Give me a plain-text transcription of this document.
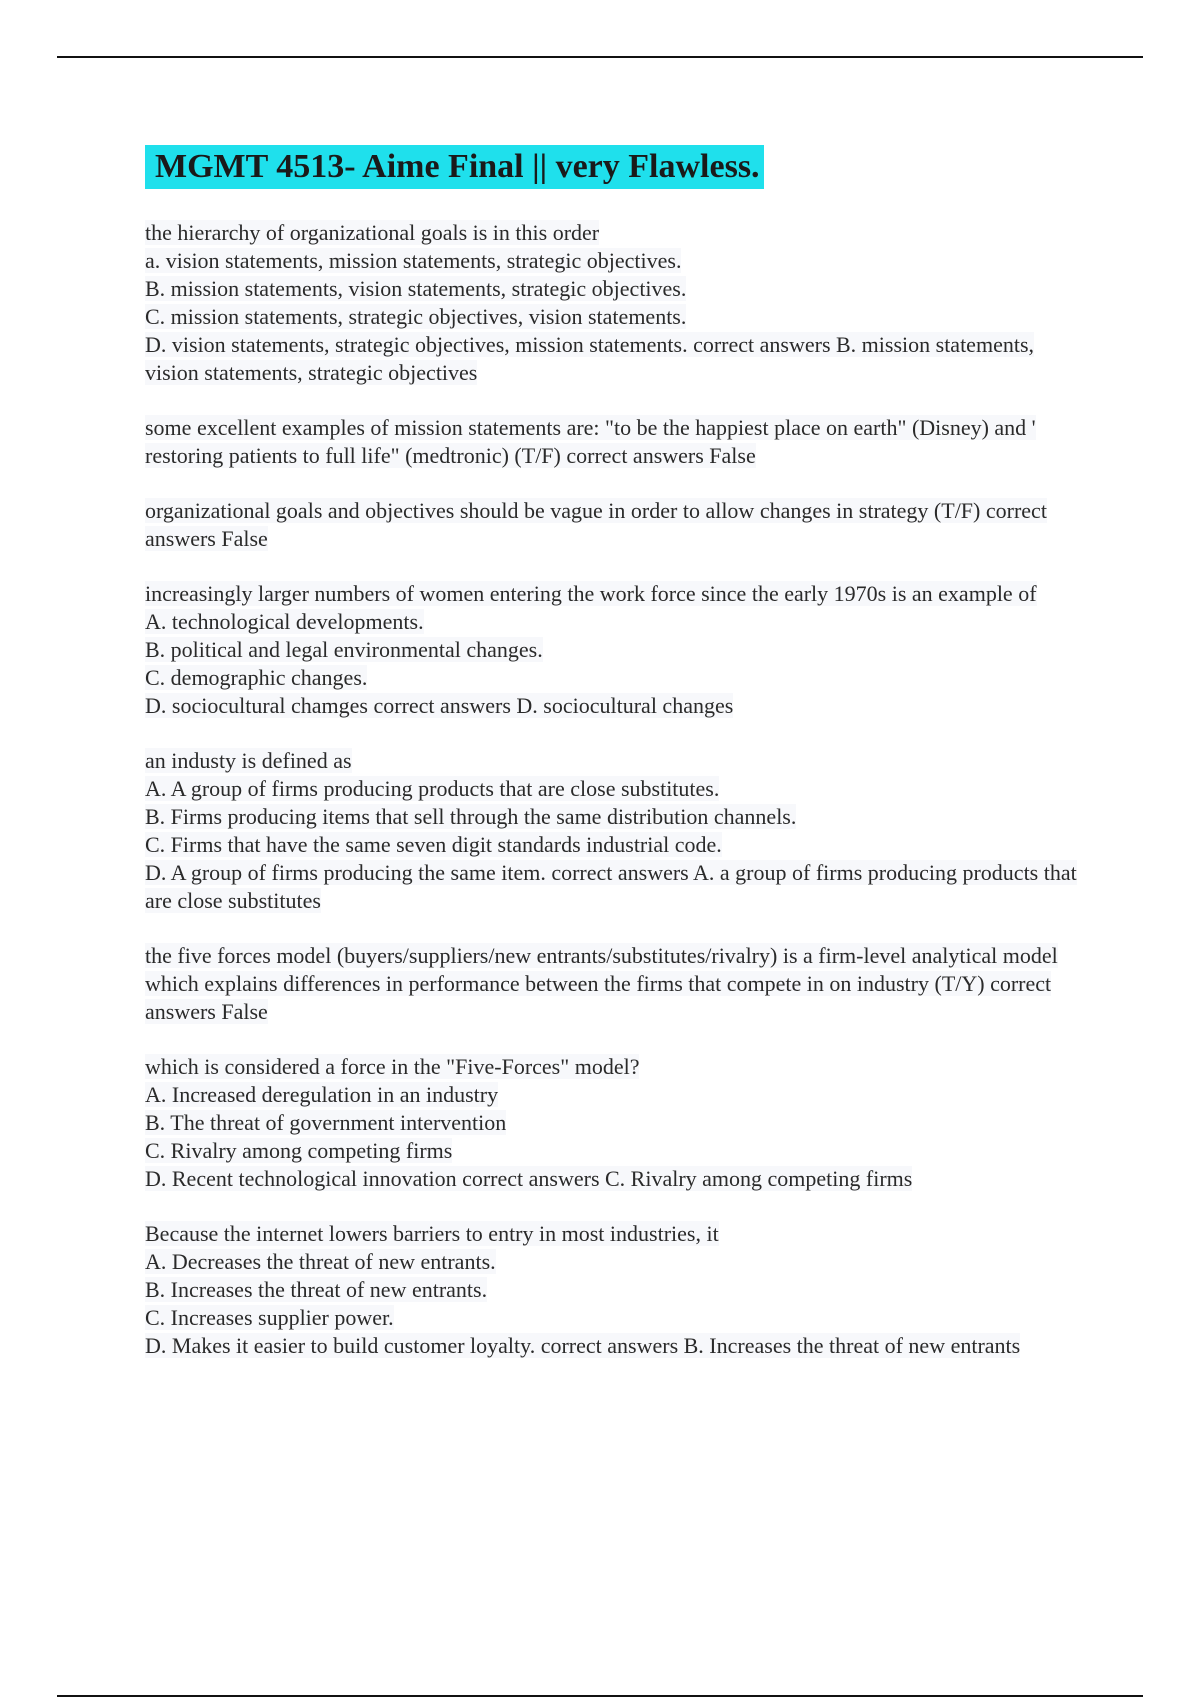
MGMT 4513- Aime Final || very Flawless.
the hierarchy of organizational goals is in this order
a. vision statements, mission statements, strategic objectives.
B. mission statements, vision statements, strategic objectives.
C. mission statements, strategic objectives, vision statements.
D. vision statements, strategic objectives, mission statements. correct answers B. mission statements, vision statements, strategic objectives
some excellent examples of mission statements are: "to be the happiest place on earth" (Disney) and ' restoring patients to full life" (medtronic) (T/F) correct answers False
organizational goals and objectives should be vague in order to allow changes in strategy (T/F) correct answers False
increasingly larger numbers of women entering the work force since the early 1970s is an example of
A. technological developments.
B. political and legal environmental changes.
C. demographic changes.
D. sociocultural chamges correct answers D. sociocultural changes
an industy is defined as
A. A group of firms producing products that are close substitutes.
B. Firms producing items that sell through the same distribution channels.
C. Firms that have the same seven digit standards industrial code.
D. A group of firms producing the same item. correct answers A. a group of firms producing products that are close substitutes
the five forces model (buyers/suppliers/new entrants/substitutes/rivalry) is a firm-level analytical model which explains differences in performance between the firms that compete in on industry (T/Y) correct answers False
which is considered a force in the "Five-Forces" model?
A. Increased deregulation in an industry
B. The threat of government intervention
C. Rivalry among competing firms
D. Recent technological innovation correct answers C. Rivalry among competing firms
Because the internet lowers barriers to entry in most industries, it
A. Decreases the threat of new entrants.
B. Increases the threat of new entrants.
C. Increases supplier power.
D. Makes it easier to build customer loyalty. correct answers B. Increases the threat of new entrants
